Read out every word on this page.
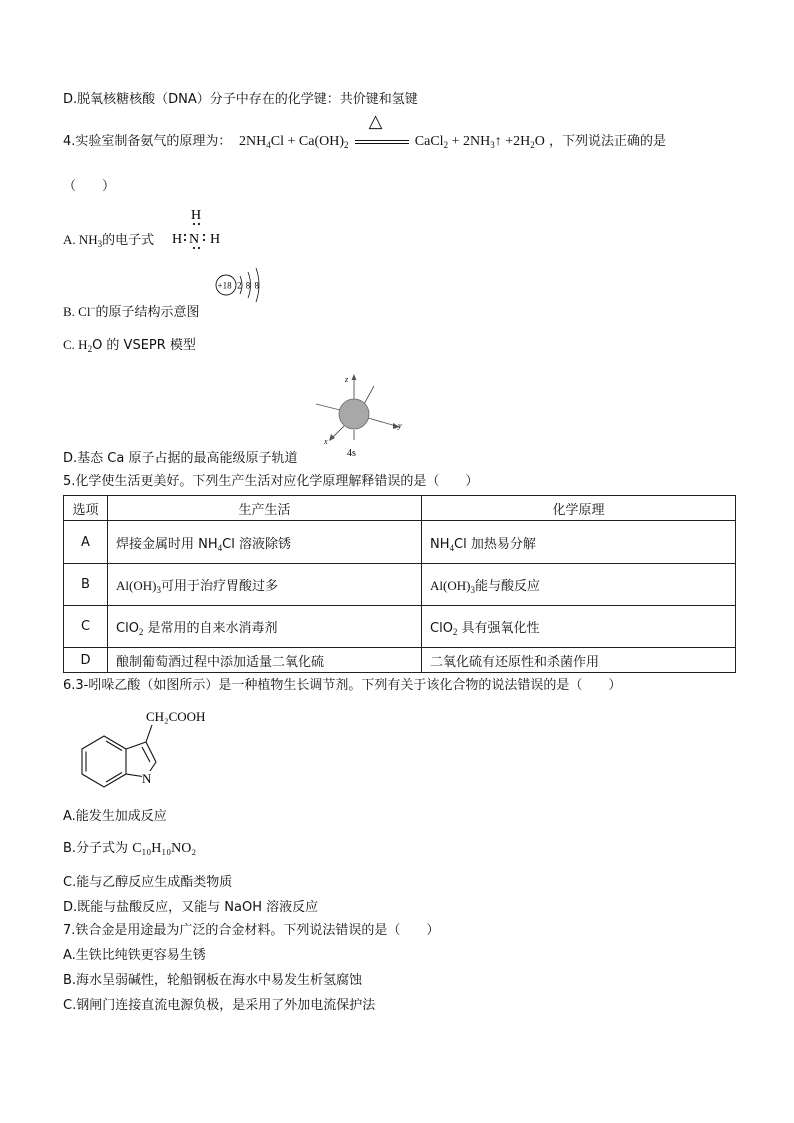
D.脱氧核糖核酸（DNA）分子中存在的化学键：共价键和氢键
4.实验室制备氨气的原理为：  $2NH_4Cl + Ca(OH)_2$
△
CaCl$_2$ + $2NH_3↑ +2H_2O$ ，下列说法正确的是
（　　）
A. $NH_3$的电子式
H
H N H
B. Cl−的原子结构示意图
+18 2 8 8
C. $H_2O$ 的 VSEPR 模型
z
y
x
4s
D.基态 Ca 原子占据的最高能级原子轨道
5.化学使生活更美好。下列生产生活对应化学原理解释错误的是（　　）
选项	生产生活	化学原理
A	焊接金属时用 $NH_4Cl$ 溶液除锈	$NH_4Cl$ 加热易分解
B	$Al(OH)_3$可用于治疗胃酸过多	$Al(OH)_3$能与酸反应
C	ClO$_2$ 是常用的自来水消毒剂	ClO$_2$ 具有强氧化性
D	酿制葡萄酒过程中添加适量二氧化硫	二氧化硫有还原性和杀菌作用
6.3-吲哚乙酸（如图所示）是一种植物生长调节剂。下列有关于该化合物的说法错误的是（　　）
CH₂COOH
N
A.能发生加成反应
B.分子式为 C₁₀H₁₀NO₂
C.能与乙醇反应生成酯类物质
D.既能与盐酸反应，又能与 NaOH 溶液反应
7.铁合金是用途最为广泛的合金材料。下列说法错误的是（　　）
A.生铁比纯铁更容易生锈
B.海水呈弱碱性，轮船钢板在海水中易发生析氢腐蚀
C.钢闸门连接直流电源负极，是采用了外加电流保护法
